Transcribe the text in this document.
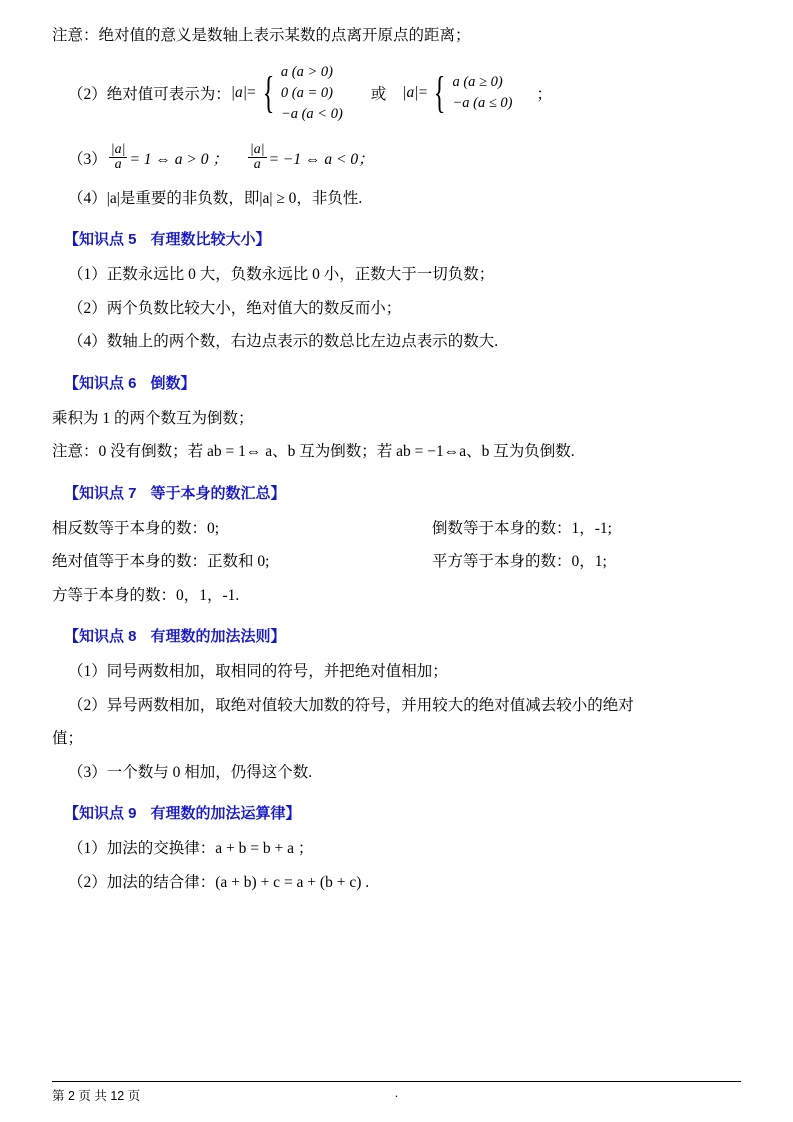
注意：绝对值的意义是数轴上表示某数的点离开原点的距离；
（2）绝对值可表示为： |a| = { a (a > 0)
0 (a = 0)
−a (a < 0)
或 |a| = { a (a ≥ 0)
−a (a ≤ 0) ；
$(3) \frac{|a|}{a} = 1$ ⇔ a > 0 ； $\frac{|a|}{a} = -1$ ⇔ a < 0；
（4）|a|是重要的非负数，即|a| ≥ 0，非负性.
【知识点 5 有理数比较大小】
（1）正数永远比 0 大，负数永远比 0 小，正数大于一切负数；
（2）两个负数比较大小，绝对值大的数反而小；
（4）数轴上的两个数，右边点表示的数总比左边点表示的数大.
【知识点 6 倒数】
乘积为 1 的两个数互为倒数；
注意：0 没有倒数；若 ab = 1⇔ a、b 互为倒数；若 ab = −1⇔a、b 互为负倒数.
【知识点 7 等于本身的数汇总】
相反数等于本身的数：0;	倒数等于本身的数：1，-1;
绝对值等于本身的数：正数和 0;	平方等于本身的数：0，1;
方等于本身的数：0，1，-1.
【知识点 8 有理数的加法法则】
（1）同号两数相加，取相同的符号，并把绝对值相加；
（2）异号两数相加，取绝对值较大加数的符号，并用较大的绝对值减去较小的绝对
值；
（3）一个数与 0 相加，仍得这个数.
【知识点 9 有理数的加法运算律】
（1）加法的交换律：a + b = b + a ；
（2）加法的结合律：(a + b) + c = a + (b + c) .
第 2 页 共 12 页	.
